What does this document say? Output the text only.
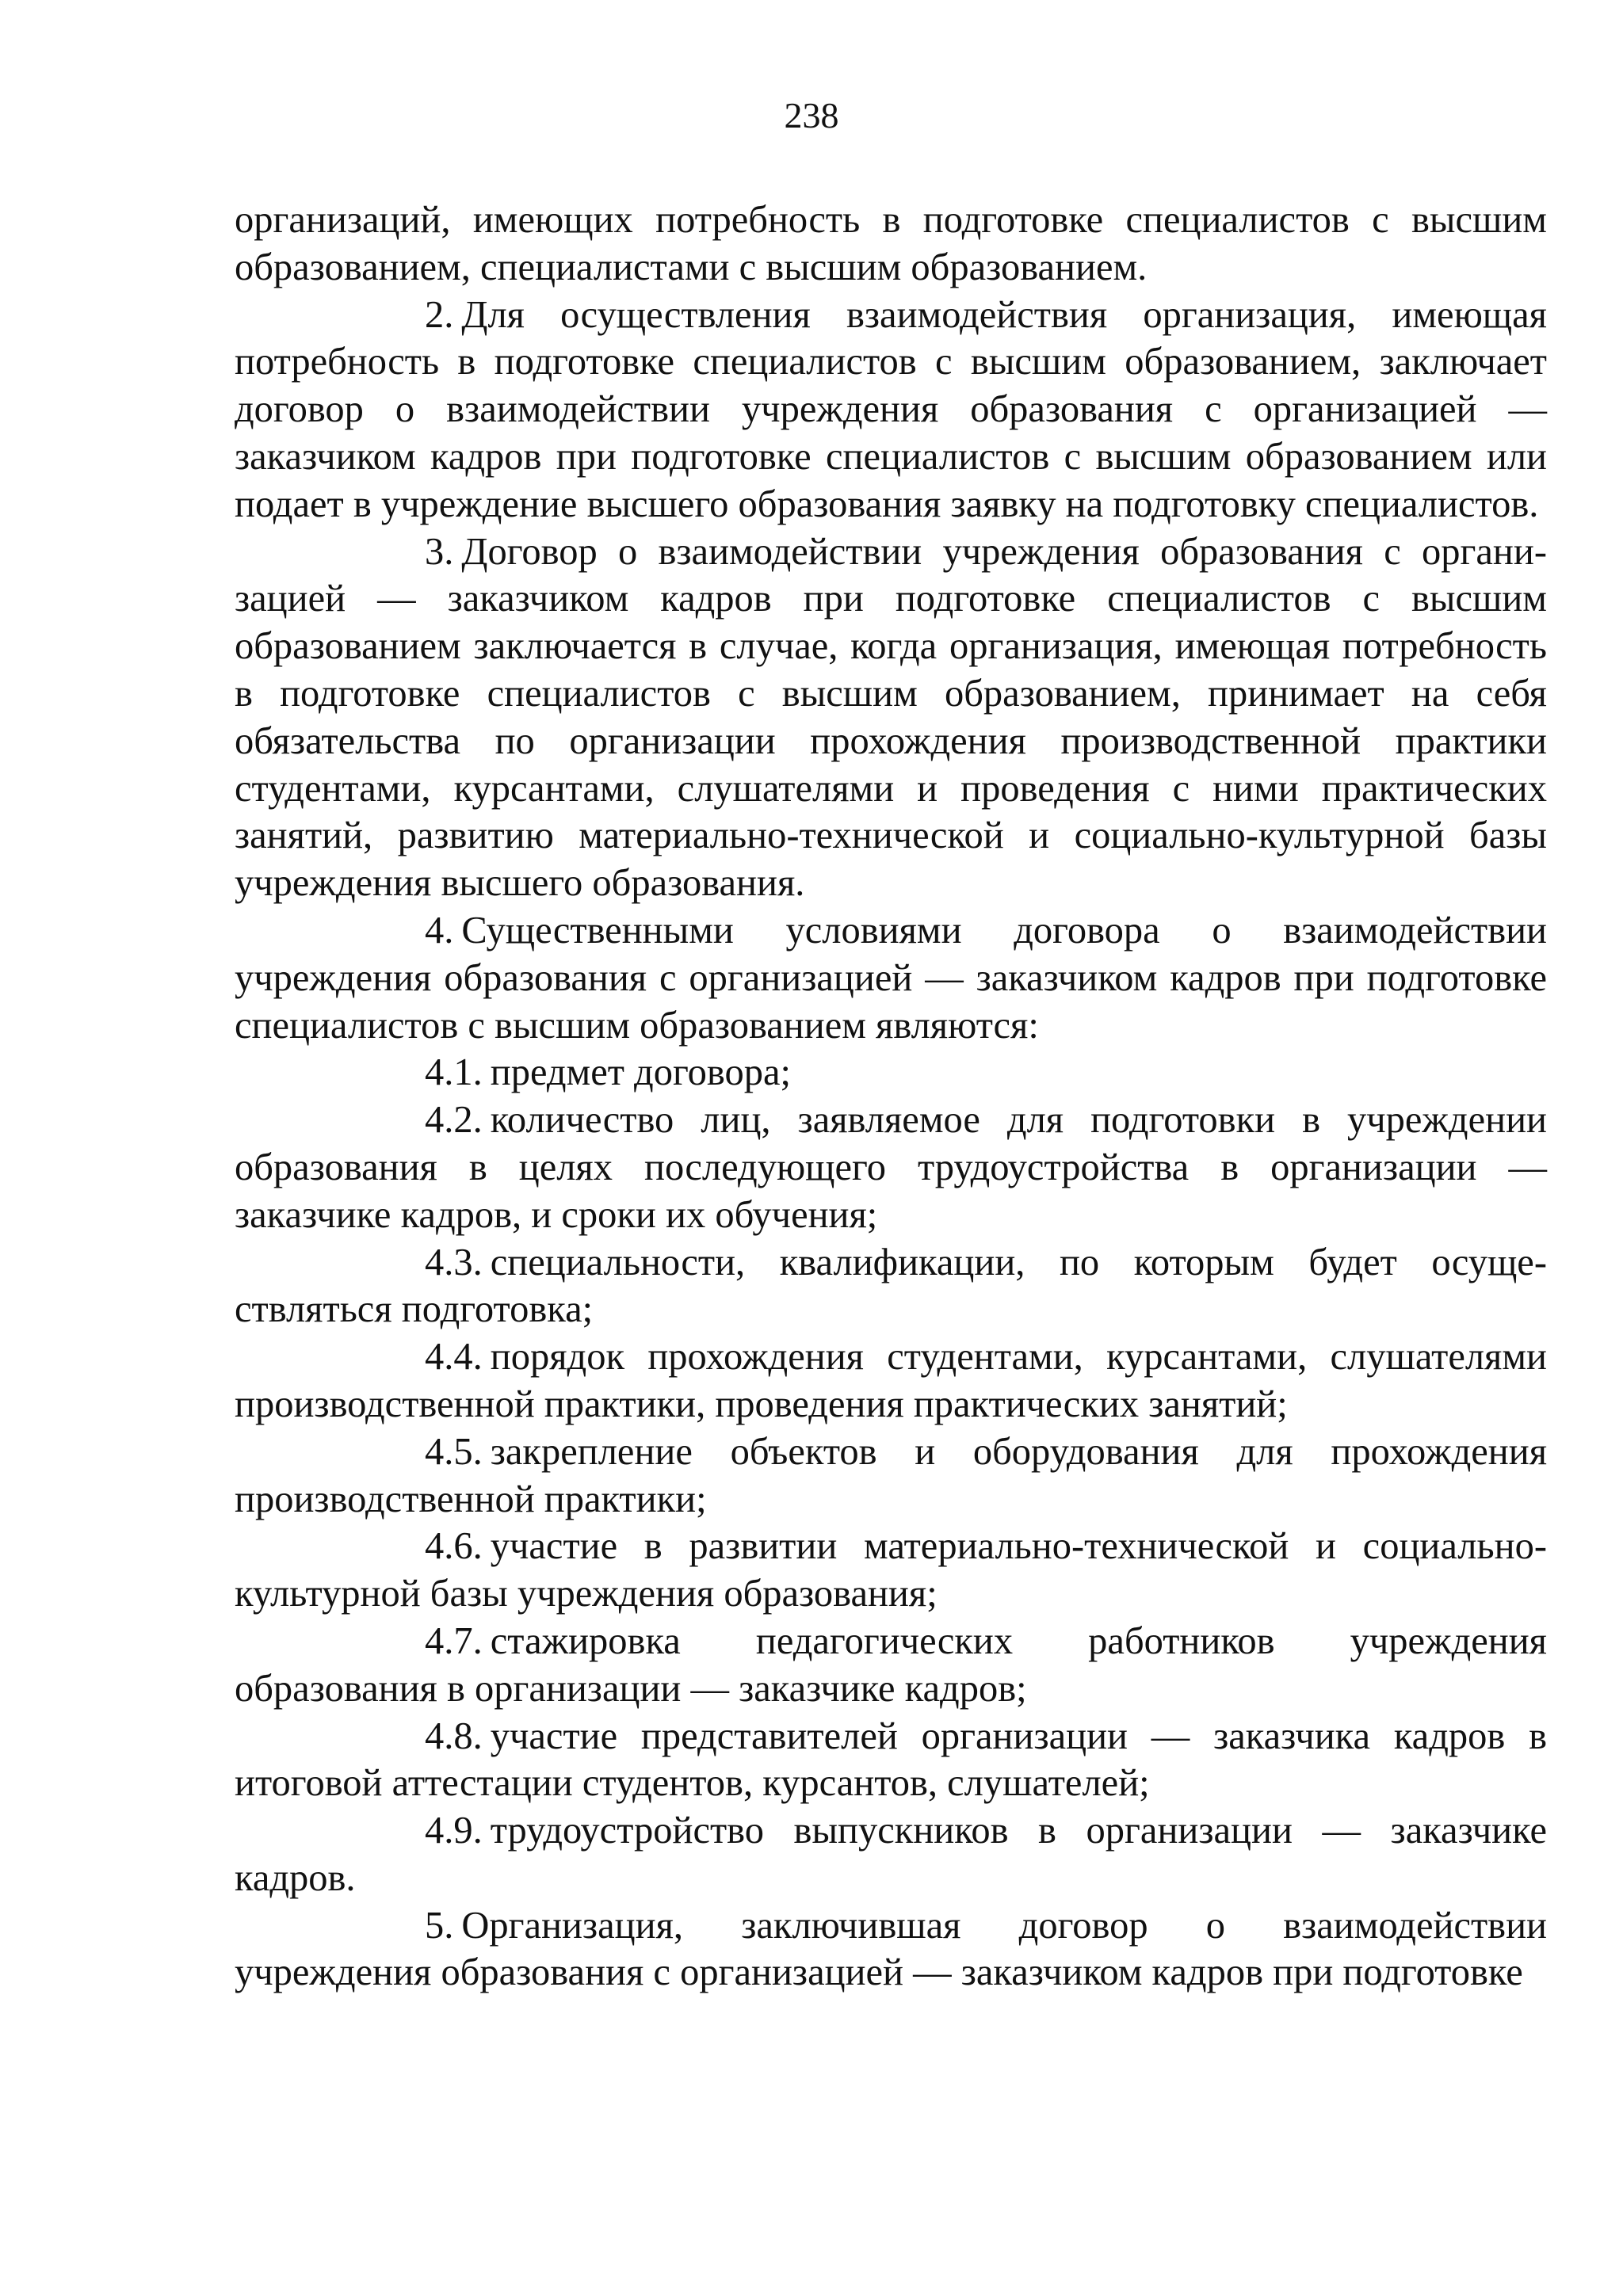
238

организаций, имеющих потребность в подготовке специалистов с высшим образованием, специалистами с высшим образованием.

2. Для осуществления взаимодействия организация, имеющая потребность в подготовке специалистов с высшим образованием, заключает договор о взаимодействии учреждения образования с организацией — заказчиком кадров при подготовке специалистов с высшим образованием или подает в учреждение высшего образования заявку на подготовку специалистов.

3. Договор о взаимодействии учреждения образования с организацией — заказчиком кадров при подготовке специалистов с высшим образованием заключается в случае, когда организация, имеющая потребность в подготовке специалистов с высшим образованием, принимает на себя обязательства по организации прохождения производственной практики студентами, курсантами, слушателями и проведения с ними практических занятий, развитию материально-технической и социально-культурной базы учреждения высшего образования.

4. Существенными условиями договора о взаимодействии учреждения образования с организацией — заказчиком кадров при подготовке специалистов с высшим образованием являются:

4.1. предмет договора;

4.2. количество лиц, заявляемое для подготовки в учреждении образования в целях последующего трудоустройства в организации — заказчике кадров, и сроки их обучения;

4.3. специальности, квалификации, по которым будет осуществляться подготовка;

4.4. порядок прохождения студентами, курсантами, слушателями производственной практики, проведения практических занятий;

4.5. закрепление объектов и оборудования для прохождения производственной практики;

4.6. участие в развитии материально-технической и социально-культурной базы учреждения образования;

4.7. стажировка педагогических работников учреждения образования в организации — заказчике кадров;

4.8. участие представителей организации — заказчика кадров в итоговой аттестации студентов, курсантов, слушателей;

4.9. трудоустройство выпускников в организации — заказчике кадров.

5. Организация, заключившая договор о взаимодействии учреждения образования с организацией — заказчиком кадров при подготовке
